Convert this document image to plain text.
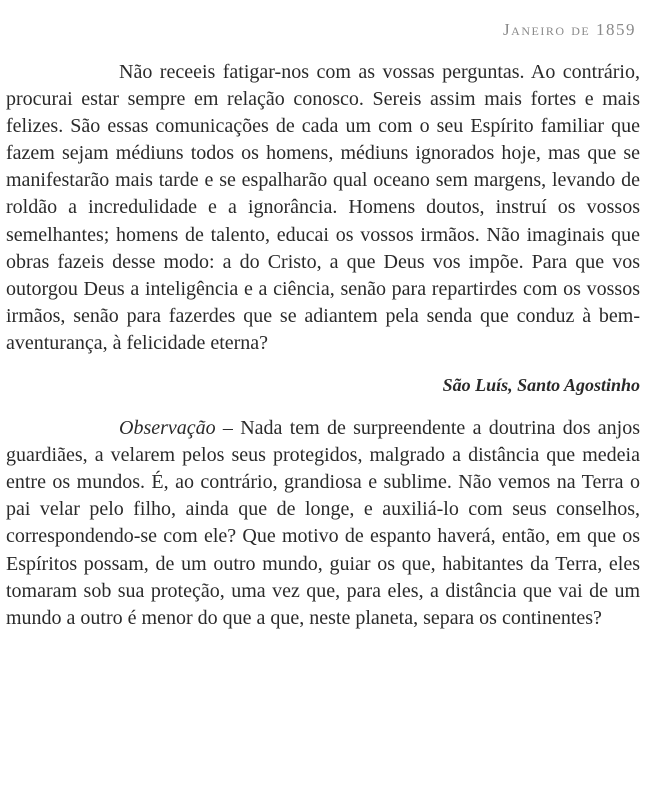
Janeiro de 1859

Não receeis fatigar-nos com as vossas perguntas. Ao contrário, procurai estar sempre em relação conosco. Sereis assim mais fortes e mais felizes. São essas comunicações de cada um com o seu Espírito familiar que fazem sejam médiuns todos os homens, médiuns ignorados hoje, mas que se manifestarão mais tarde e se espalharão qual oceano sem margens, levando de roldão a incredulidade e a ignorância. Homens doutos, instruí os vossos semelhantes; homens de talento, educai os vossos irmãos. Não imaginais que obras fazeis desse modo: a do Cristo, a que Deus vos impõe. Para que vos outorgou Deus a inteligência e a ciência, senão para repartirdes com os vossos irmãos, senão para fazerdes que se adiantem pela senda que conduz à bem-aventurança, à felicidade eterna?

São Luís, Santo Agostinho

Observação – Nada tem de surpreendente a doutrina dos anjos guardiães, a velarem pelos seus protegidos, malgrado a distância que medeia entre os mundos. É, ao contrário, grandiosa e sublime. Não vemos na Terra o pai velar pelo filho, ainda que de longe, e auxiliá-lo com seus conselhos, correspondendo-se com ele? Que motivo de espanto haverá, então, em que os Espíritos possam, de um outro mundo, guiar os que, habitantes da Terra, eles tomaram sob sua proteção, uma vez que, para eles, a distância que vai de um mundo a outro é menor do que a que, neste planeta, separa os continentes?
